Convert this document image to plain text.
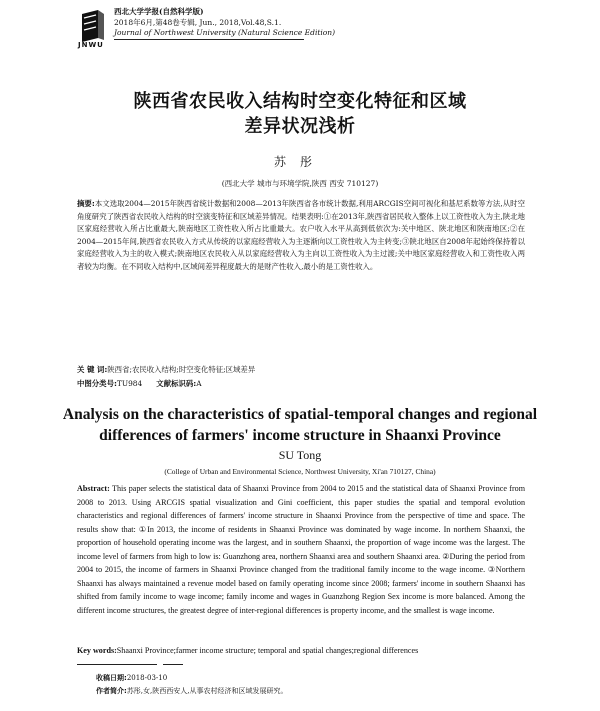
JNWU
西北大学学报(自然科学版)
2018年6月,第48卷专辑, Jun., 2018,Vol.48,S.1.
Journal of Northwest University (Natural Science Edition)
陕西省农民收入结构时空变化特征和区域
差异状况浅析
苏彤
(西北大学 城市与环境学院,陕西 西安 710127)
摘要:本文选取2004—2015年陕西省统计数据和2008—2013年陕西省各市统计数据,利用ARCGIS空间可视化和基尼系数等方法,从时空角度研究了陕西省农民收入结构的时空演变特征和区域差异情况。结果表明:①在2013年,陕西省居民收入整体上以工资性收入为主,陕北地区家庭经营收入所占比重最大,陕南地区工资性收入所占比重最大。农户收入水平从高到低依次为:关中地区、陕北地区和陕南地区;②在2004—2015年间,陕西省农民收入方式从传统的以家庭经营收入为主逐渐向以工资性收入为主转变;③陕北地区自2008年起始终保持着以家庭经营收入为主的收入模式;陕南地区农民收入从以家庭经营收入为主向以工资性收入为主过渡;关中地区家庭经营收入和工资性收入两者较为均衡。在不同收入结构中,区域间差异程度最大的是财产性收入,最小的是工资性收入。
关 键 词:陕西省;农民收入结构;时空变化特征;区域差异
中图分类号:TU984 文献标识码:A
Analysis on the characteristics of spatial-temporal changes and regional
differences of farmers' income structure in Shaanxi Province
SU Tong
(College of Urban and Environmental Science, Northwest University, Xi'an 710127, China)
Abstract: This paper selects the statistical data of Shaanxi Province from 2004 to 2015 and the statistical data of Shaanxi Province from 2008 to 2013. Using ARCGIS spatial visualization and Gini coefficient, this paper studies the spatial and temporal evolution characteristics and regional differences of farmers' income structure in Shaanxi Province from the perspective of time and space. The results show that: ①In 2013, the income of residents in Shaanxi Province was dominated by wage income. In northern Shaanxi, the proportion of household operating income was the largest, and in southern Shaanxi, the proportion of wage income was the largest. The income level of farmers from high to low is: Guanzhong area, northern Shaanxi area and southern Shaanxi area. ②During the period from 2004 to 2015, the income of farmers in Shaanxi Province changed from the traditional family income to the wage income. ③Northern Shaanxi has always maintained a revenue model based on family operating income since 2008; farmers' income in southern Shaanxi has shifted from family income to wage income; family income and wages in Guanzhong Region Sex income is more balanced. Among the different income structures, the greatest degree of inter-regional differences is property income, and the smallest is wage income.
Key words:Shaanxi Province;farmer income structure; temporal and spatial changes;regional differences
收稿日期:2018-03-10
作者简介:苏彤,女,陕西西安人,从事农村经济和区域发展研究。
